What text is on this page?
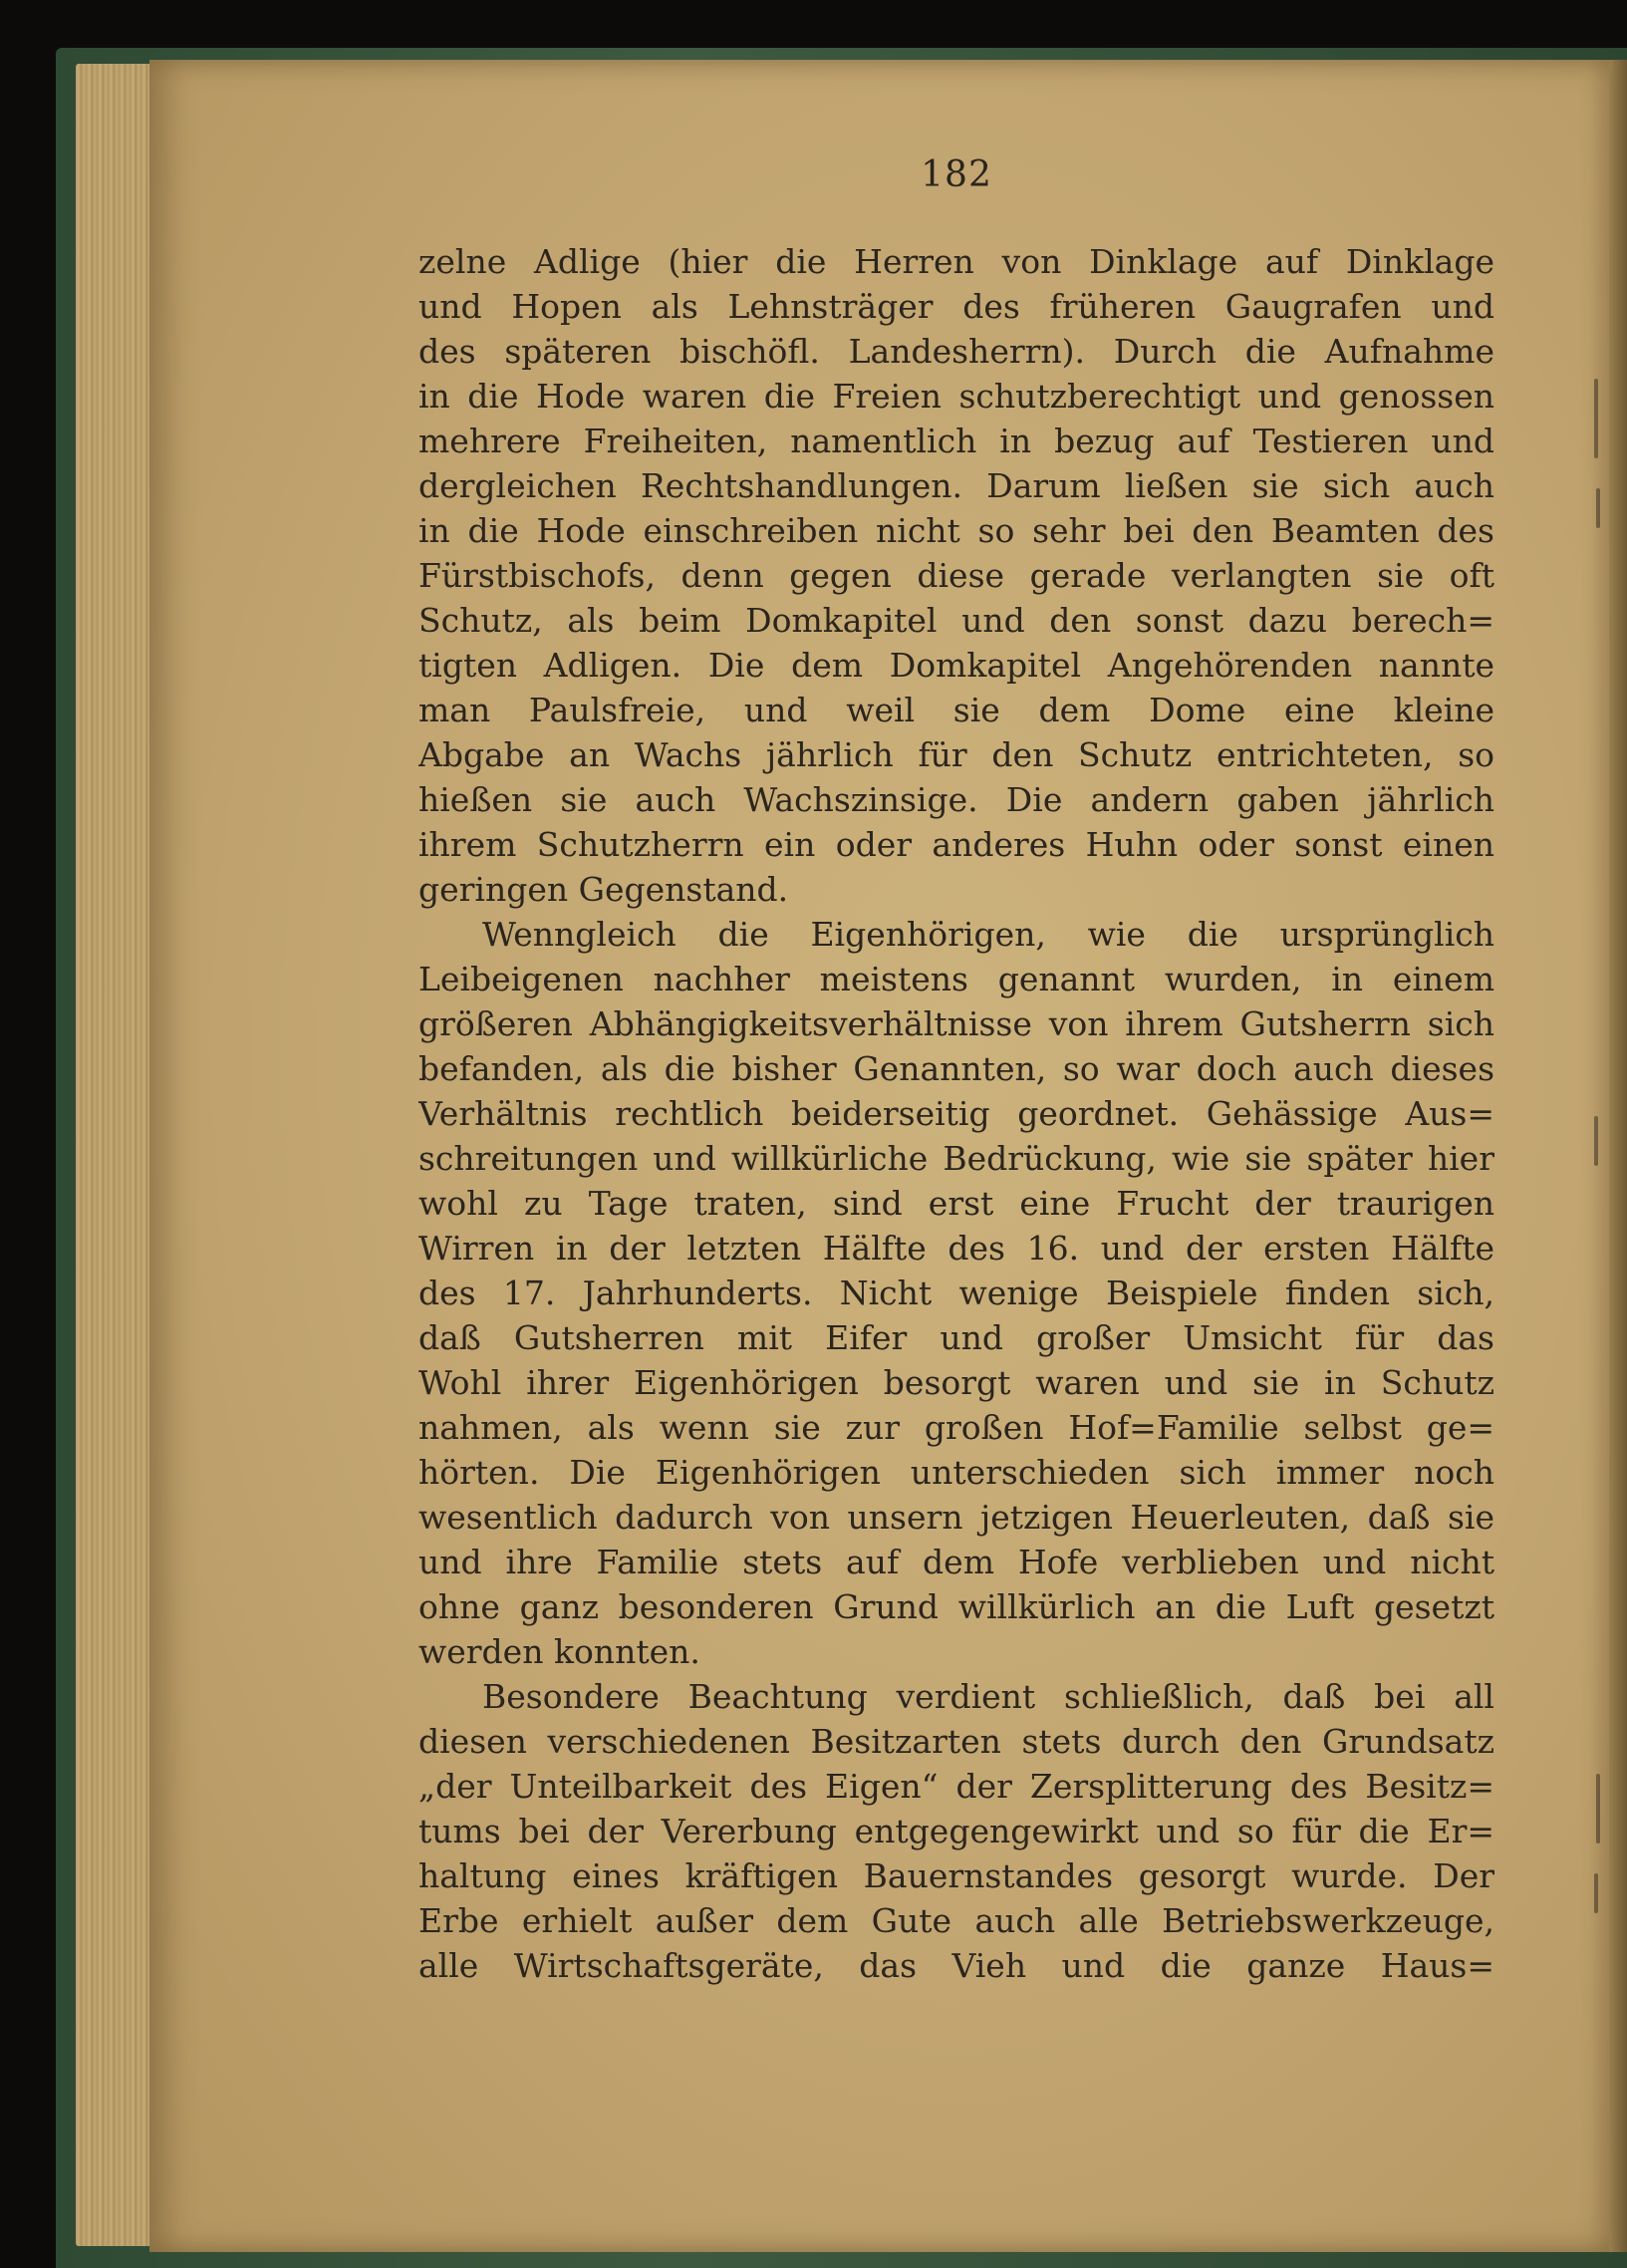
182
zelne Adlige (hier die Herren von Dinklage auf Dinklage
und Hopen als Lehnsträger des früheren Gaugrafen und
des späteren bischöfl. Landesherrn). Durch die Aufnahme
in die Hode waren die Freien schutzberechtigt und genossen
mehrere Freiheiten, namentlich in bezug auf Testieren und
dergleichen Rechtshandlungen. Darum ließen sie sich auch
in die Hode einschreiben nicht so sehr bei den Beamten des
Fürstbischofs, denn gegen diese gerade verlangten sie oft
Schutz, als beim Domkapitel und den sonst dazu berech=
tigten Adligen. Die dem Domkapitel Angehörenden nannte
man Paulsfreie, und weil sie dem Dome eine kleine
Abgabe an Wachs jährlich für den Schutz entrichteten, so
hießen sie auch Wachszinsige. Die andern gaben jährlich
ihrem Schutzherrn ein oder anderes Huhn oder sonst einen
geringen Gegenstand.
Wenngleich die Eigenhörigen, wie die ursprünglich
Leibeigenen nachher meistens genannt wurden, in einem
größeren Abhängigkeitsverhältnisse von ihrem Gutsherrn sich
befanden, als die bisher Genannten, so war doch auch dieses
Verhältnis rechtlich beiderseitig geordnet. Gehässige Aus=
schreitungen und willkürliche Bedrückung, wie sie später hier
wohl zu Tage traten, sind erst eine Frucht der traurigen
Wirren in der letzten Hälfte des 16. und der ersten Hälfte
des 17. Jahrhunderts. Nicht wenige Beispiele finden sich,
daß Gutsherren mit Eifer und großer Umsicht für das
Wohl ihrer Eigenhörigen besorgt waren und sie in Schutz
nahmen, als wenn sie zur großen Hof=Familie selbst ge=
hörten. Die Eigenhörigen unterschieden sich immer noch
wesentlich dadurch von unsern jetzigen Heuerleuten, daß sie
und ihre Familie stets auf dem Hofe verblieben und nicht
ohne ganz besonderen Grund willkürlich an die Luft gesetzt
werden konnten.
Besondere Beachtung verdient schließlich, daß bei all
diesen verschiedenen Besitzarten stets durch den Grundsatz
„der Unteilbarkeit des Eigen“ der Zersplitterung des Besitz=
tums bei der Vererbung entgegengewirkt und so für die Er=
haltung eines kräftigen Bauernstandes gesorgt wurde. Der
Erbe erhielt außer dem Gute auch alle Betriebswerkzeuge,
alle Wirtschaftsgeräte, das Vieh und die ganze Haus=
